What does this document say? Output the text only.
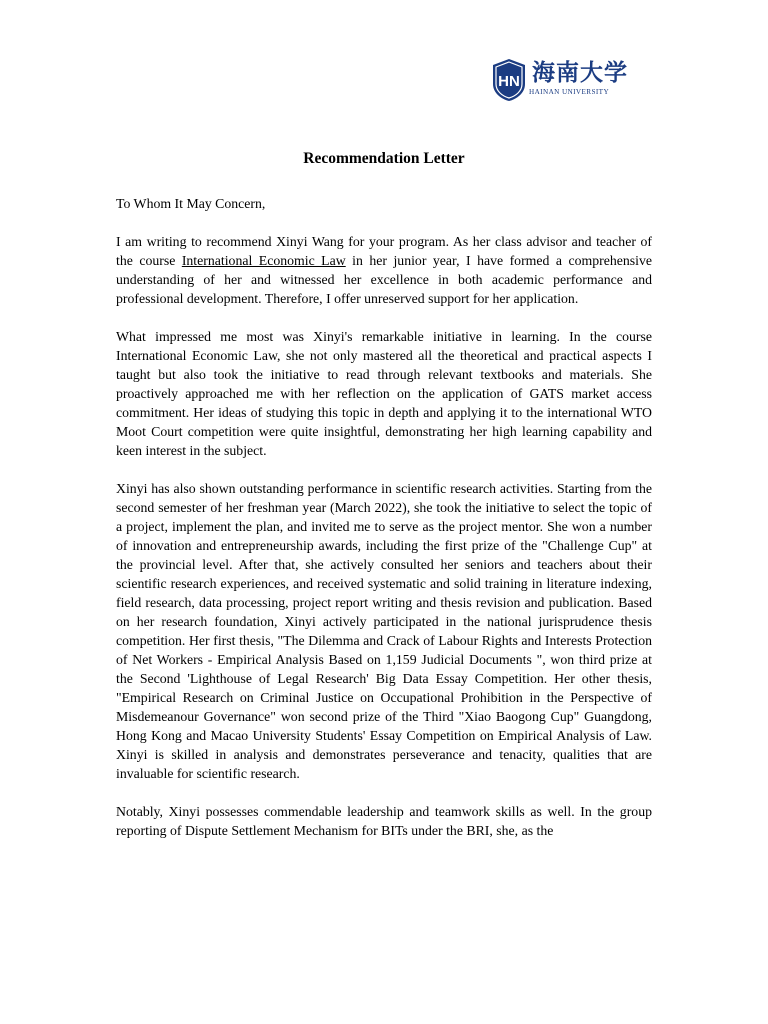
HN 海南大学
HAINAN UNIVERSITY
Recommendation Letter

To Whom It May Concern,

I am writing to recommend Xinyi Wang for your program. As her class advisor and teacher of the course International Economic Law in her junior year, I have formed a comprehensive understanding of her and witnessed her excellence in both academic performance and professional development. Therefore, I offer unreserved support for her application.

What impressed me most was Xinyi's remarkable initiative in learning. In the course International Economic Law, she not only mastered all the theoretical and practical aspects I taught but also took the initiative to read through relevant textbooks and materials. She proactively approached me with her reflection on the application of GATS market access commitment. Her ideas of studying this topic in depth and applying it to the international WTO Moot Court competition were quite insightful, demonstrating her high learning capability and keen interest in the subject.

Xinyi has also shown outstanding performance in scientific research activities. Starting from the second semester of her freshman year (March 2022), she took the initiative to select the topic of a project, implement the plan, and invited me to serve as the project mentor. She won a number of innovation and entrepreneurship awards, including the first prize of the "Challenge Cup" at the provincial level. After that, she actively consulted her seniors and teachers about their scientific research experiences, and received systematic and solid training in literature indexing, field research, data processing, project report writing and thesis revision and publication. Based on her research foundation, Xinyi actively participated in the national jurisprudence thesis competition. Her first thesis, "The Dilemma and Crack of Labour Rights and Interests Protection of Net Workers - Empirical Analysis Based on 1,159 Judicial Documents ", won third prize at the Second 'Lighthouse of Legal Research' Big Data Essay Competition. Her other thesis, "Empirical Research on Criminal Justice on Occupational Prohibition in the Perspective of Misdemeanour Governance" won second prize of the Third "Xiao Baogong Cup" Guangdong, Hong Kong and Macao University Students' Essay Competition on Empirical Analysis of Law. Xinyi is skilled in analysis and demonstrates perseverance and tenacity, qualities that are invaluable for scientific research.

Notably, Xinyi possesses commendable leadership and teamwork skills as well. In the group reporting of Dispute Settlement Mechanism for BITs under the BRI, she, as the
